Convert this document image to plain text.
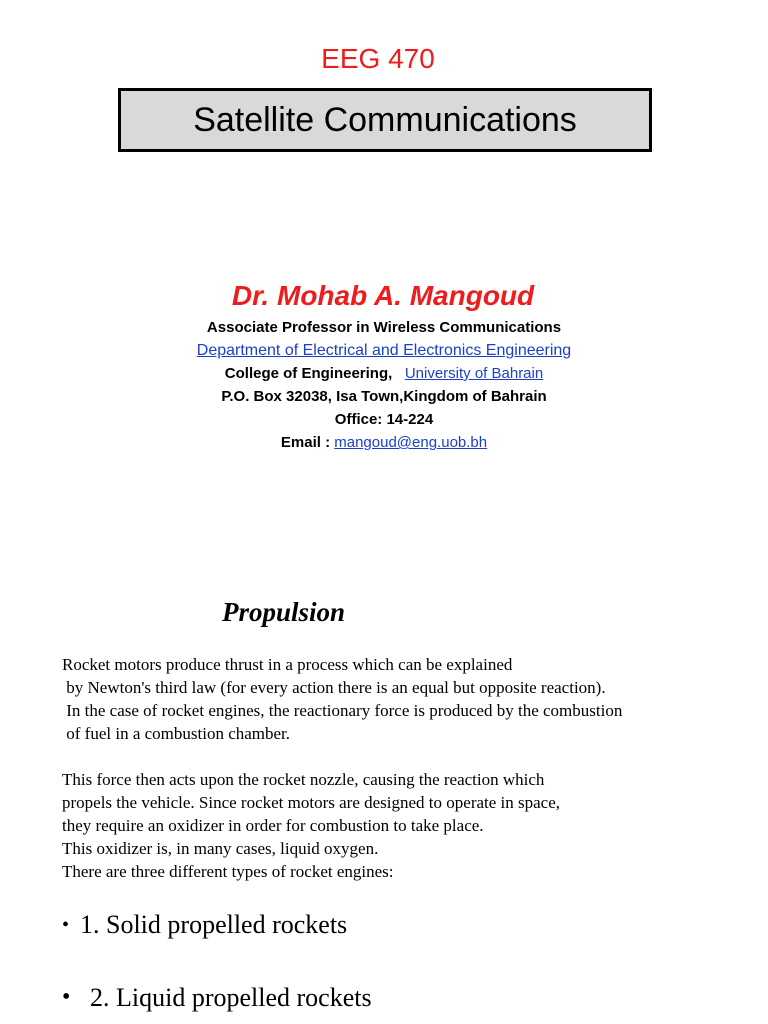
EEG 470
Satellite Communications
Dr. Mohab A. Mangoud
Associate Professor in Wireless Communications
Department of Electrical and Electronics Engineering
College of Engineering, University of Bahrain
P.O. Box 32038, Isa Town,Kingdom of Bahrain
Office: 14-224
Email : mangoud@eng.uob.bh
Propulsion
Rocket motors produce thrust in a process which can be explained
by Newton's third law (for every action there is an equal but opposite reaction).
In the case of rocket engines, the reactionary force is produced by the combustion
of fuel in a combustion chamber.
This force then acts upon the rocket nozzle, causing the reaction which
propels the vehicle. Since rocket motors are designed to operate in space,
they require an oxidizer in order for combustion to take place.
This oxidizer is, in many cases, liquid oxygen.
There are three different types of rocket engines:
• 1. Solid propelled rockets
• 2. Liquid propelled rockets
